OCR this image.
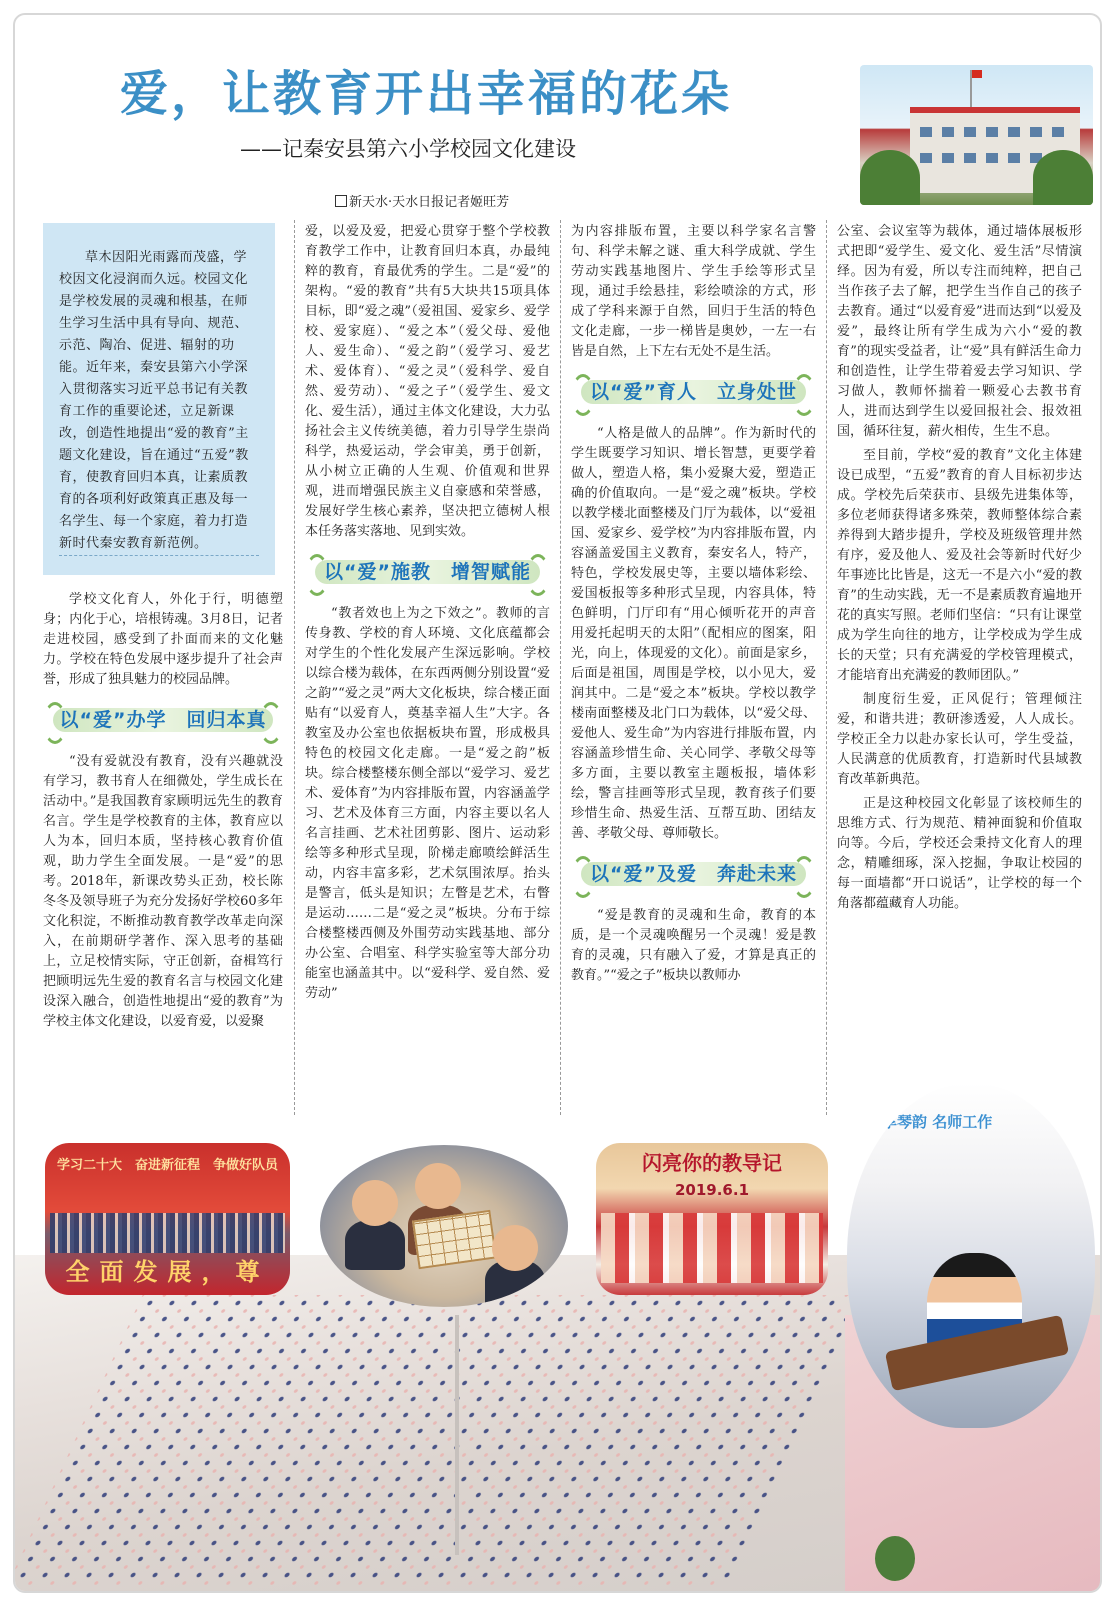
爱，让教育开出幸福的花朵
——记秦安县第六小学校园文化建设
新天水·天水日报记者姬旺芳

草木因阳光雨露而茂盛，学校因文化浸润而久远。校园文化是学校发展的灵魂和根基，在师生学习生活中具有导向、规范、示范、陶冶、促进、辐射的功能。近年来，秦安县第六小学深入贯彻落实习近平总书记有关教育工作的重要论述，立足新课改，创造性地提出“爱的教育”主题文化建设，旨在通过“五爱”教育，使教育回归本真，让素质教育的各项利好政策真正惠及每一名学生、每一个家庭，着力打造新时代秦安教育新范例。

学校文化育人，外化于行，明德塑身；内化于心，培根铸魂。3月8日，记者走进校园，感受到了扑面而来的文化魅力。学校在特色发展中逐步提升了社会声誉，形成了独具魅力的校园品牌。

以“爱”办学　回归本真

“没有爱就没有教育，没有兴趣就没有学习，教书育人在细微处，学生成长在活动中。”是我国教育家顾明远先生的教育名言。学生是学校教育的主体，教育应以人为本，回归本质，坚持核心教育价值观，助力学生全面发展。一是“爱”的思考。2018年，新课改势头正劲，校长陈冬冬及领导班子为充分发扬好学校60多年文化积淀，不断推动教育教学改革走向深入，在前期研学著作、深入思考的基础上，立足校情实际，守正创新，奋楫笃行把顾明远先生爱的教育名言与校园文化建设深入融合，创造性地提出“爱的教育”为学校主体文化建设，以爱育爱，以爱聚

爱，以爱及爱，把爱心贯穿于整个学校教育教学工作中，让教育回归本真，办最纯粹的教育，育最优秀的学生。二是“爱”的架构。“爱的教育”共有5大块共15项具体目标，即“爱之魂”（爱祖国、爱家乡、爱学校、爱家庭）、“爱之本”（爱父母、爱他人、爱生命）、“爱之韵”（爱学习、爱艺术、爱体育）、“爱之灵”（爱科学、爱自然、爱劳动）、“爱之子”（爱学生、爱文化、爱生活），通过主体文化建设，大力弘扬社会主义传统美德，着力引导学生崇尚科学，热爱运动，学会审美，勇于创新，从小树立正确的人生观、价值观和世界观，进而增强民族主义自豪感和荣誉感，发展好学生核心素养，坚决把立德树人根本任务落实落地、见到实效。

以“爱”施教　增智赋能

“教者效也上为之下效之”。教师的言传身教、学校的育人环境、文化底蕴都会对学生的个性化发展产生深远影响。学校以综合楼为载体，在东西两侧分别设置“爱之韵”“爱之灵”两大文化板块，综合楼正面贴有“以爱育人，奠基幸福人生”大字。各教室及办公室也依据板块布置，形成极具特色的校园文化走廊。一是“爱之韵”板块。综合楼整楼东侧全部以“爱学习、爱艺术、爱体育”为内容排版布置，内容涵盖学习、艺术及体育三方面，内容主要以名人名言挂画、艺术社团剪影、图片、运动彩绘等多种形式呈现，阶梯走廊喷绘鲜活生动，内容丰富多彩，艺术氛围浓厚。抬头是警言，低头是知识；左瞥是艺术，右瞥是运动……二是“爱之灵”板块。分布于综合楼整楼西侧及外围劳动实践基地、部分办公室、合唱室、科学实验室等大部分功能室也涵盖其中。以“爱科学、爱自然、爱劳动”

为内容排版布置，主要以科学家名言警句、科学未解之谜、重大科学成就、学生劳动实践基地图片、学生手绘等形式呈现，通过手绘悬挂，彩绘喷涂的方式，形成了学科来源于自然，回归于生活的特色文化走廊，一步一梯皆是奥妙，一左一右皆是自然，上下左右无处不是生活。

以“爱”育人　立身处世

“人格是做人的品牌”。作为新时代的学生既要学习知识、增长智慧，更要学着做人，塑造人格，集小爱聚大爱，塑造正确的价值取向。一是“爱之魂”板块。学校以教学楼北面整楼及门厅为载体，以“爱祖国、爱家乡、爱学校”为内容排版布置，内容涵盖爱国主义教育，秦安名人，特产，特色，学校发展史等，主要以墙体彩绘、爱国板报等多种形式呈现，内容具体，特色鲜明，门厅印有“用心倾听花开的声音　用爱托起明天的太阳”（配相应的图案，阳光，向上，体现爱的文化）。前面是家乡，后面是祖国，周围是学校，以小见大，爱润其中。二是“爱之本”板块。学校以教学楼南面整楼及北门口为载体，以“爱父母、爱他人、爱生命”为内容进行排版布置，内容涵盖珍惜生命、关心同学、孝敬父母等多方面，主要以教室主题板报，墙体彩绘，警言挂画等形式呈现，教育孩子们要珍惜生命、热爱生活、互帮互助、团结友善、孝敬父母、尊师敬长。

以“爱”及爱　奔赴未来

“爱是教育的灵魂和生命，教育的本质，是一个灵魂唤醒另一个灵魂！爱是教育的灵魂，只有融入了爱，才算是真正的教育。”“爱之子”板块以教师办

公室、会议室等为载体，通过墙体展板形式把即“爱学生、爱文化、爱生活”尽情演绎。因为有爱，所以专注而纯粹，把自己当作孩子去了解，把学生当作自己的孩子去教育。通过“以爱育爱”进而达到“以爱及爱”，最终让所有学生成为六小“爱的教育”的现实受益者，让“爱”具有鲜活生命力和创造性，让学生带着爱去学习知识、学习做人，教师怀揣着一颗爱心去教书育人，进而达到学生以爱回报社会、报效祖国，循环往复，薪火相传，生生不息。

至目前，学校“爱的教育”文化主体建设已成型，“五爱”教育的育人目标初步达成。学校先后荣获市、县级先进集体等，多位老师获得诸多殊荣，教师整体综合素养得到大踏步提升，学校及班级管理井然有序，爱及他人、爱及社会等新时代好少年事迹比比皆是，这无一不是六小“爱的教育”的生动实践，无一不是素质教育遍地开花的真实写照。老师们坚信：“只有让课堂成为学生向往的地方，让学校成为学生成长的天堂；只有充满爱的学校管理模式，才能培育出充满爱的教师团队。”

制度衍生爱，正风促行；管理倾注爱，和谐共进；教研渗透爱，人人成长。学校正全力以赴办家长认可，学生受益，人民满意的优质教育，打造新时代县域教育改革新典范。

正是这种校园文化彰显了该校师生的思维方式、行为规范、精神面貌和价值取向等。今后，学校还会秉持文化育人的理念，精雕细琢，深入挖掘，争取让校园的每一面墙都“开口说话”，让学校的每一个角落都蕴藏育人功能。

学习二十大　奋进新征程　争做好队员
全面发展，尊
闪亮你的教导记
2019.6.1
乐享琴韵 名师工作
